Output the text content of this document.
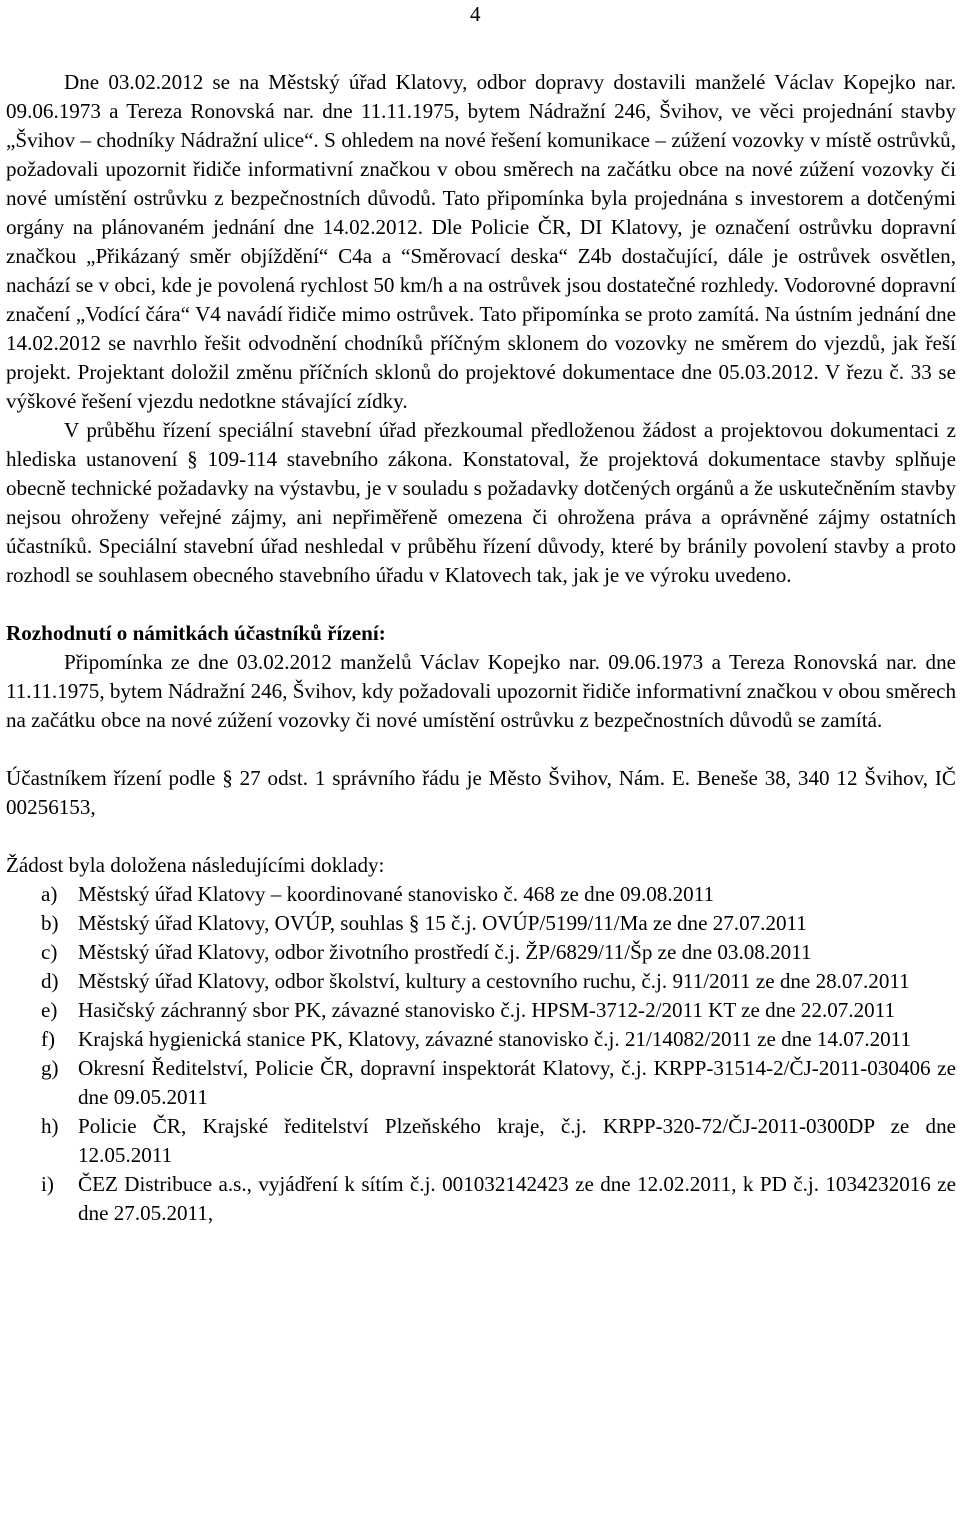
4

Dne 03.02.2012 se na Městský úřad Klatovy, odbor dopravy dostavili manželé Václav Kopejko nar. 09.06.1973 a Tereza Ronovská nar. dne 11.11.1975, bytem Nádražní 246, Švihov, ve věci projednání stavby „Švihov – chodníky Nádražní ulice“. S ohledem na nové řešení komunikace – zúžení vozovky v místě ostrůvků, požadovali upozornit řidiče informativní značkou v obou směrech na začátku obce na nové zúžení vozovky či nové umístění ostrůvku z bezpečnostních důvodů. Tato připomínka byla projednána s investorem a dotčenými orgány na plánovaném jednání dne 14.02.2012. Dle Policie ČR, DI Klatovy, je označení ostrůvku dopravní značkou „Přikázaný směr objíždění“ C4a a “Směrovací deska“ Z4b dostačující, dále je ostrůvek osvětlen, nachází se v obci, kde je povolená rychlost 50 km/h a na ostrůvek jsou dostatečné rozhledy. Vodorovné dopravní značení „Vodící čára“ V4 navádí řidiče mimo ostrůvek. Tato připomínka se proto zamítá. Na ústním jednání dne 14.02.2012 se navrhlo řešit odvodnění chodníků příčným sklonem do vozovky ne směrem do vjezdů, jak řeší projekt. Projektant doložil změnu příčních sklonů do projektové dokumentace dne 05.03.2012. V řezu č. 33 se výškové řešení vjezdu nedotkne stávající zídky.

V průběhu řízení speciální stavební úřad přezkoumal předloženou žádost a projektovou dokumentaci z hlediska ustanovení § 109-114 stavebního zákona. Konstatoval, že projektová dokumentace stavby splňuje obecně technické požadavky na výstavbu, je v souladu s požadavky dotčených orgánů a že uskutečněním stavby nejsou ohroženy veřejné zájmy, ani nepřiměřeně omezena či ohrožena práva a oprávněné zájmy ostatních účastníků. Speciální stavební úřad neshledal v průběhu řízení důvody, které by bránily povolení stavby a proto rozhodl se souhlasem obecného stavebního úřadu v Klatovech tak, jak je ve výroku uvedeno.

Rozhodnutí o námitkách účastníků řízení:

Připomínka ze dne 03.02.2012 manželů Václav Kopejko nar. 09.06.1973 a Tereza Ronovská nar. dne 11.11.1975, bytem Nádražní 246, Švihov, kdy požadovali upozornit řidiče informativní značkou v obou směrech na začátku obce na nové zúžení vozovky či nové umístění ostrůvku z bezpečnostních důvodů se zamítá.

Účastníkem řízení podle § 27 odst. 1 správního řádu je Město Švihov, Nám. E. Beneše 38, 340 12 Švihov, IČ 00256153,

Žádost byla doložena následujícími doklady:

a) Městský úřad Klatovy – koordinované stanovisko č. 468 ze dne 09.08.2011
b) Městský úřad Klatovy, OVÚP, souhlas § 15 č.j. OVÚP/5199/11/Ma ze dne 27.07.2011
c) Městský úřad Klatovy, odbor životního prostředí č.j. ŽP/6829/11/Šp ze dne 03.08.2011
d) Městský úřad Klatovy, odbor školství, kultury a cestovního ruchu, č.j. 911/2011 ze dne 28.07.2011
e) Hasičský záchranný sbor PK, závazné stanovisko č.j. HPSM-3712-2/2011 KT ze dne 22.07.2011
f) Krajská hygienická stanice PK, Klatovy, závazné stanovisko č.j. 21/14082/2011 ze dne 14.07.2011
g) Okresní Ředitelství, Policie ČR, dopravní inspektorát Klatovy, č.j. KRPP-31514-2/ČJ-2011-030406 ze dne 09.05.2011
h) Policie ČR, Krajské ředitelství Plzeňského kraje, č.j. KRPP-320-72/ČJ-2011-0300DP ze dne 12.05.2011
i) ČEZ Distribuce a.s., vyjádření k sítím č.j. 001032142423 ze dne 12.02.2011, k PD č.j. 1034232016 ze dne 27.05.2011,
